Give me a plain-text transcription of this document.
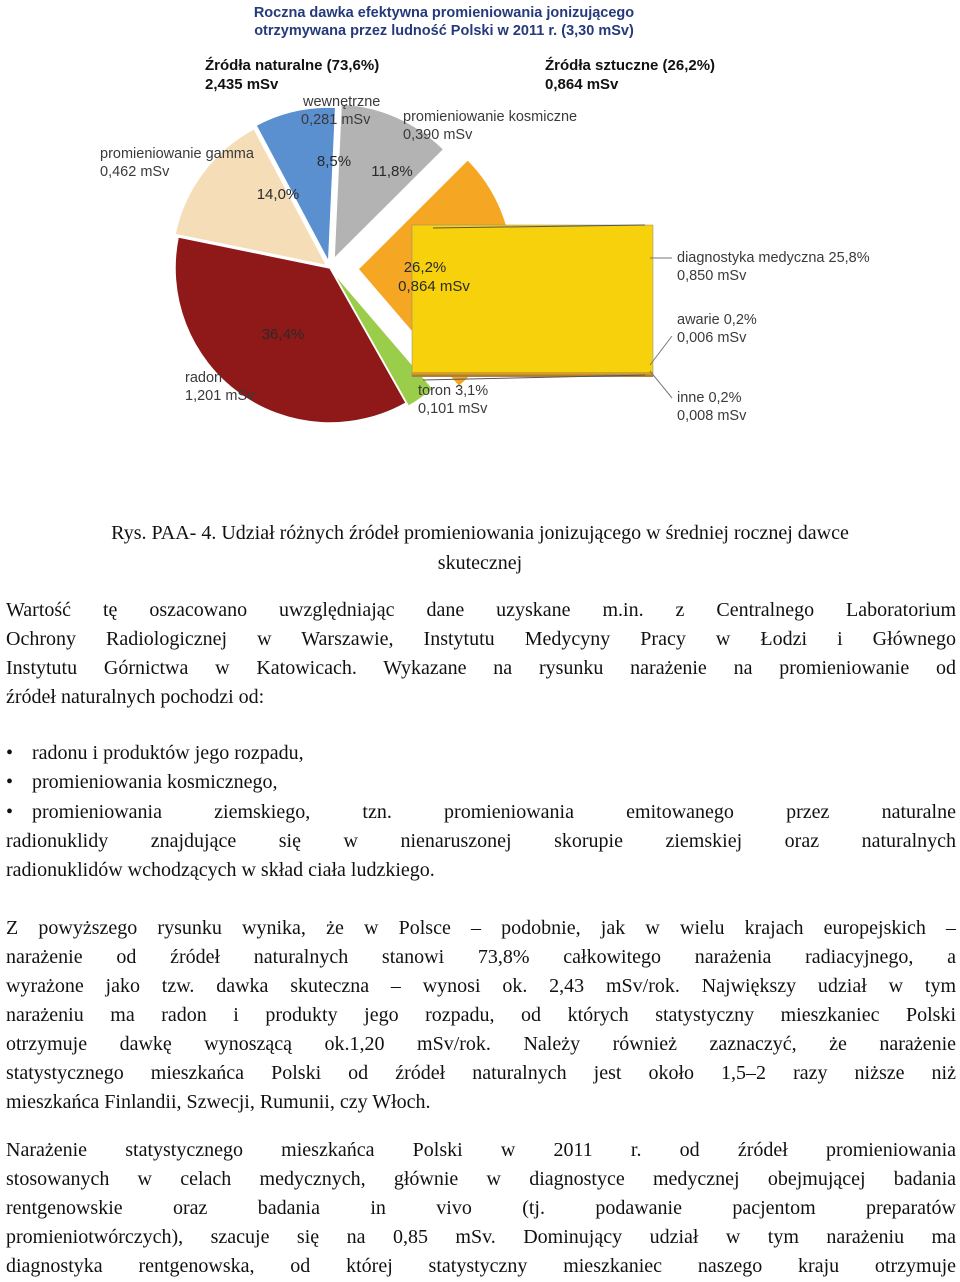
Roczna dawka efektywna promieniowania jonizującego
otrzymywana przez ludność Polski w 2011 r. (3,30 mSv)
Źródła naturalne (73,6%)
2,435 mSv
Źródła sztuczne (26,2%)
0,864 mSv
8,5%
11,8%
14,0%
36,4%
26,2%
0,864 mSv
promieniowanie gamma
0,462 mSv
wewnętrzne
0,281 mSv promieniowanie kosmiczne
0,390 mSv
radon
1,201 mSv	toron 3,1%
0,101 mSv
diagnostyka medyczna 25,8%
0,850 mSv
awarie 0,2%
0,006 mSv
inne 0,2%
0,008 mSv
Rys. PAA- 4. Udział różnych źródeł promieniowania jonizującego w średniej rocznej dawce
skutecznej
Wartość tę oszacowano uwzględniając dane uzyskane m.in. z Centralnego Laboratorium
Ochrony Radiologicznej w Warszawie, Instytutu Medycyny Pracy w Łodzi i Głównego
Instytutu Górnictwa w Katowicach. Wykazane na rysunku narażenie na promieniowanie od
źródeł naturalnych pochodzi od:
• radonu i produktów jego rozpadu,
• promieniowania kosmicznego,
• promieniowania ziemskiego, tzn. promieniowania emitowanego przez naturalne
radionuklidy znajdujące się w nienaruszonej skorupie ziemskiej oraz naturalnych
radionuklidów wchodzących w skład ciała ludzkiego.
Z powyższego rysunku wynika, że w Polsce – podobnie, jak w wielu krajach europejskich –
narażenie od źródeł naturalnych stanowi 73,8% całkowitego narażenia radiacyjnego, a
wyrażone jako tzw. dawka skuteczna – wynosi ok. 2,43 mSv/rok. Największy udział w tym
narażeniu ma radon i produkty jego rozpadu, od których statystyczny mieszkaniec Polski
otrzymuje dawkę wynoszącą ok.1,20 mSv/rok. Należy również zaznaczyć, że narażenie
statystycznego mieszkańca Polski od źródeł naturalnych jest około 1,5–2 razy niższe niż
mieszkańca Finlandii, Szwecji, Rumunii, czy Włoch.
Narażenie statystycznego mieszkańca Polski w 2011 r. od źródeł promieniowania
stosowanych w celach medycznych, głównie w diagnostyce medycznej obejmującej badania
rentgenowskie oraz badania in vivo (tj. podawanie pacjentom preparatów
promieniotwórczych), szacuje się na 0,85 mSv. Dominujący udział w tym narażeniu ma
diagnostyka rentgenowska, od której statystyczny mieszkaniec naszego kraju otrzymuje
